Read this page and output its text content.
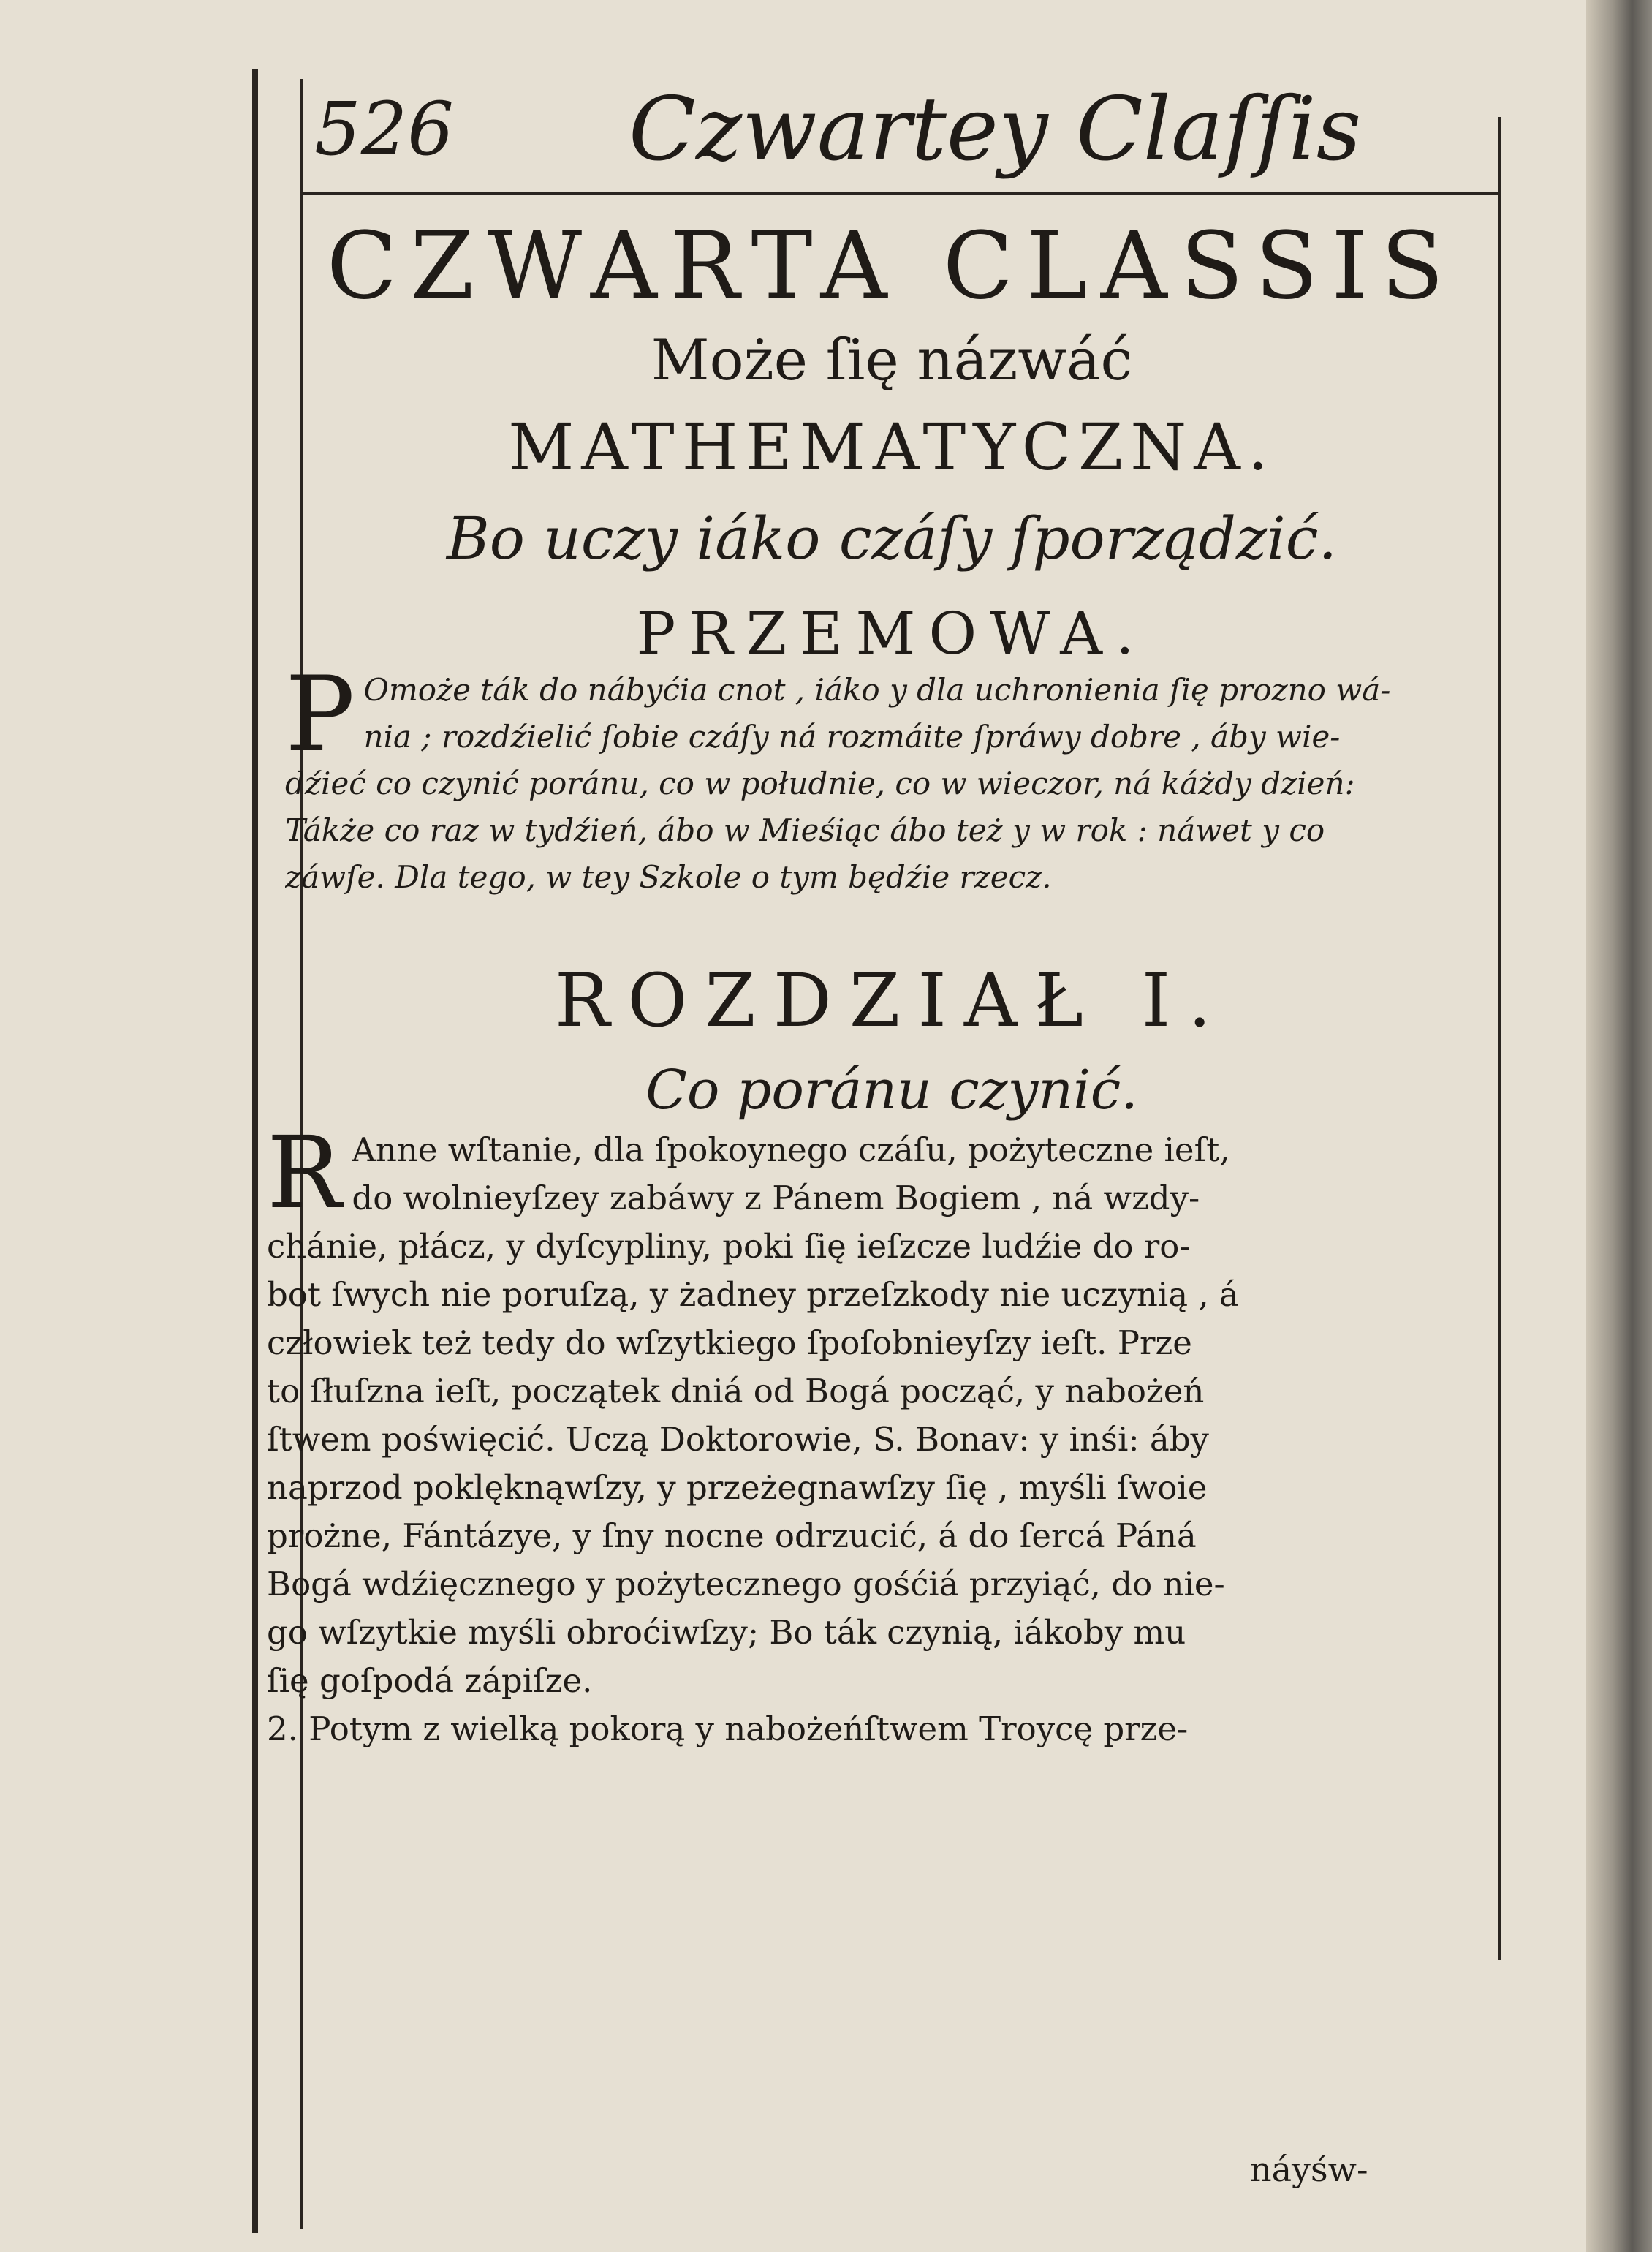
526 Czwartey Claſſis
CZWARTA CLASSIS
Może ſię názwáć
MATHEMATYCZNA.
Bo uczy iáko czáſy ſporządzić.
PRZEMOWA.
P Omoże ták do nábyćia cnot , iáko y dla uchronienia ſię prozno wá-
nia ; rozdźielić ſobie czáſy ná rozmáite ſpráwy dobre , áby wie-
dźieć co czynić poránu, co w południe, co w wieczor, ná káżdy dzień:
Tákże co raz w tydźień, ábo w Mieśiąc ábo też y w rok : náwet y co
záwſe. Dla tego, w tey Szkole o tym będźie rzecz.
ROZDZIAŁ I.
Co poránu czynić.
R Anne wſtanie, dla ſpokoynego czáſu, pożyteczne ieſt,
do wolnieyſzey zabáwy z Pánem Bogiem , ná wzdy-
chánie, płácz, y dyſcypliny, poki ſię ieſzcze ludźie do ro-
bot ſwych nie poruſzą, y żadney przeſzkody nie uczynią , á
człowiek też tedy do wſzytkiego ſpoſobnieyſzy ieſt. Prze
to ſłuſzna ieſt, początek dniá od Bogá począć, y nabożeń
ſtwem poświęcić. Uczą Doktorowie, S. Bonav: y inśi: áby
naprzod poklęknąwſzy, y przeżegnawſzy ſię , myśli ſwoie
prożne, Fántázye, y ſny nocne odrzucić, á do ſercá Páná
Bogá wdźięcznego y pożytecznego gośćiá przyiąć, do nie-
go wſzytkie myśli obroćiwſzy; Bo ták czynią, iákoby mu
ſię goſpodá zápiſze.
2. Potym z wielką pokorą y nabożeńſtwem Troycę prze-
náyśw-
